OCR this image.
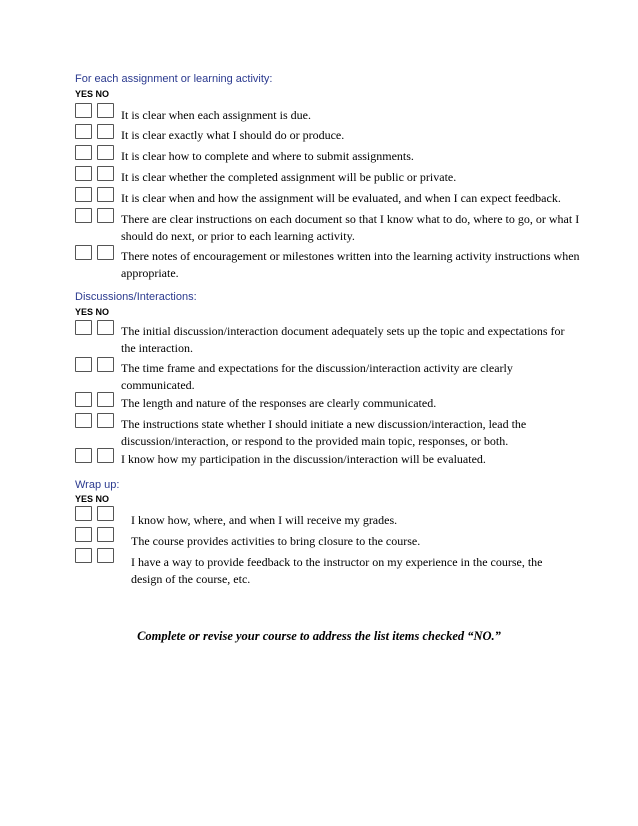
For each assignment or learning activity:
YES NO
It is clear when each assignment is due.
It is clear exactly what I should do or produce.
It is clear how to complete and where to submit assignments.
It is clear whether the completed assignment will be public or private.
It is clear when and how the assignment will be evaluated, and when I can expect feedback.
There are clear instructions on each document so that I know what to do, where to go, or what I should do next, or prior to each learning activity.
There notes of encouragement or milestones written into the learning activity instructions when appropriate.
Discussions/Interactions:
YES NO
The initial discussion/interaction document adequately sets up the topic and expectations for the interaction.
The time frame and expectations for the discussion/interaction activity are clearly communicated.
The length and nature of the responses are clearly communicated.
The instructions state whether I should initiate a new discussion/interaction, lead the discussion/interaction, or respond to the provided main topic, responses, or both.
I know how my participation in the discussion/interaction will be evaluated.
Wrap up:
YES NO
I know how, where, and when I will receive my grades.
The course provides activities to bring closure to the course.
I have a way to provide feedback to the instructor on my experience in the course, the design of the course, etc.
Complete or revise your course to address the list items checked “NO.”
